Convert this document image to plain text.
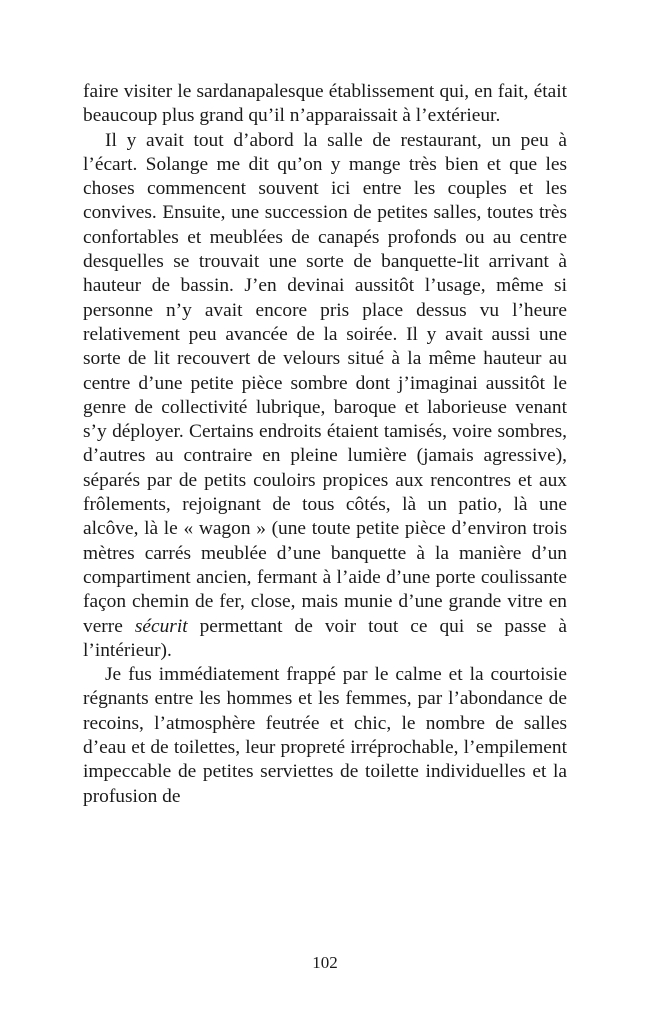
faire visiter le sardanapalesque établissement qui, en fait, était beaucoup plus grand qu’il n’apparaissait à l’extérieur.

Il y avait tout d’abord la salle de restaurant, un peu à l’écart. Solange me dit qu’on y mange très bien et que les choses commencent souvent ici entre les couples et les convives. Ensuite, une succession de petites salles, toutes très confortables et meublées de canapés profonds ou au centre desquelles se trouvait une sorte de banquette-lit arrivant à hauteur de bassin. J’en devinai aussitôt l’usage, même si personne n’y avait encore pris place dessus vu l’heure relativement peu avancée de la soirée. Il y avait aussi une sorte de lit recouvert de velours situé à la même hauteur au centre d’une petite pièce sombre dont j’imaginai aussitôt le genre de collectivité lubrique, baroque et laborieuse venant s’y déployer. Certains endroits étaient tamisés, voire sombres, d’autres au contraire en pleine lumière (jamais agressive), séparés par de petits couloirs propices aux rencontres et aux frôlements, rejoignant de tous côtés, là un patio, là une alcôve, là le « wagon » (une toute petite pièce d’environ trois mètres carrés meublée d’une banquette à la manière d’un compartiment ancien, fermant à l’aide d’une porte coulissante façon chemin de fer, close, mais munie d’une grande vitre en verre sécurit permettant de voir tout ce qui se passe à l’intérieur).

Je fus immédiatement frappé par le calme et la courtoisie régnants entre les hommes et les femmes, par l’abondance de recoins, l’atmosphère feutrée et chic, le nombre de salles d’eau et de toilettes, leur propreté irréprochable, l’empilement impeccable de petites serviettes de toilette individuelles et la profusion de

102
